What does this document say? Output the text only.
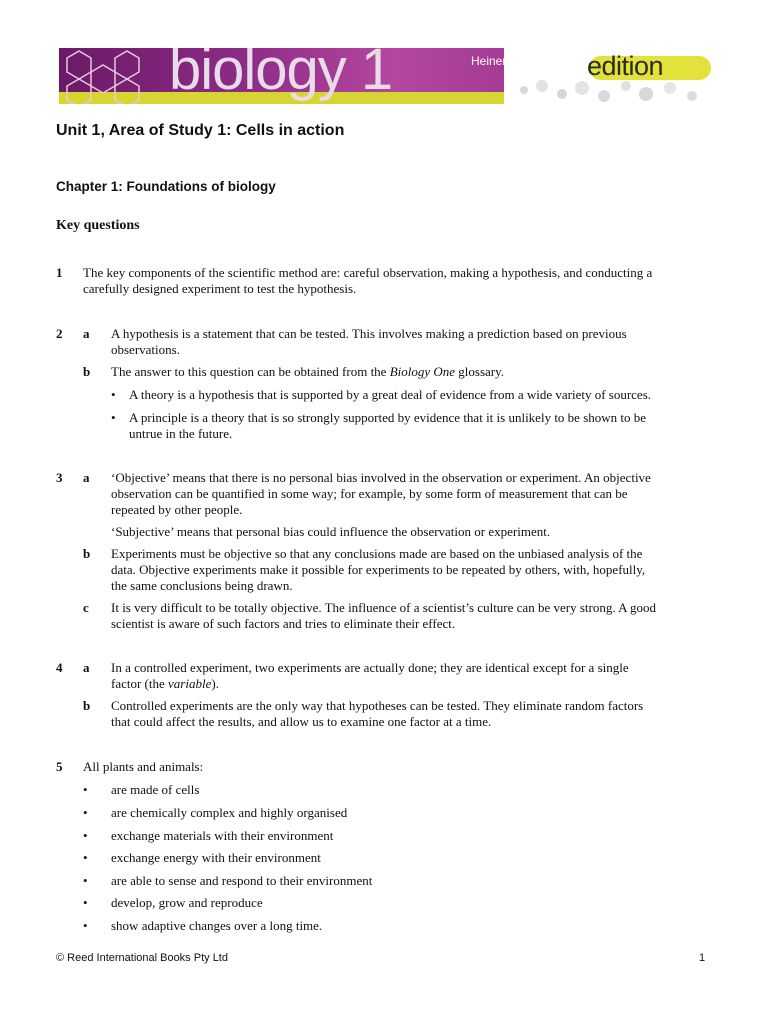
biology 1	Heinemann 4th edition
Unit 1, Area of Study 1: Cells in action
Chapter 1: Foundations of biology
Key questions
1 The key components of the scientific method are: careful observation, making a hypothesis, and conducting a
carefully designed experiment to test the hypothesis.
2 a A hypothesis is a statement that can be tested. This involves making a prediction based on previous
observations.
b The answer to this question can be obtained from the Biology One glossary.
• A theory is a hypothesis that is supported by a great deal of evidence from a wide variety of sources.
• A principle is a theory that is so strongly supported by evidence that it is unlikely to be shown to be
untrue in the future.
3 a ‘Objective’ means that there is no personal bias involved in the observation or experiment. An objective
observation can be quantified in some way; for example, by some form of measurement that can be
repeated by other people.
‘Subjective’ means that personal bias could influence the observation or experiment.
b Experiments must be objective so that any conclusions made are based on the unbiased analysis of the
data. Objective experiments make it possible for experiments to be repeated by others, with, hopefully,
the same conclusions being drawn.
c It is very difficult to be totally objective. The influence of a scientist’s culture can be very strong. A good
scientist is aware of such factors and tries to eliminate their effect.
4 a In a controlled experiment, two experiments are actually done; they are identical except for a single
factor (the variable).
b Controlled experiments are the only way that hypotheses can be tested. They eliminate random factors
that could affect the results, and allow us to examine one factor at a time.
5 All plants and animals:
• are made of cells
• are chemically complex and highly organised
• exchange materials with their environment
• exchange energy with their environment
• are able to sense and respond to their environment
• develop, grow and reproduce
• show adaptive changes over a long time.
© Reed International Books Pty Ltd	1
